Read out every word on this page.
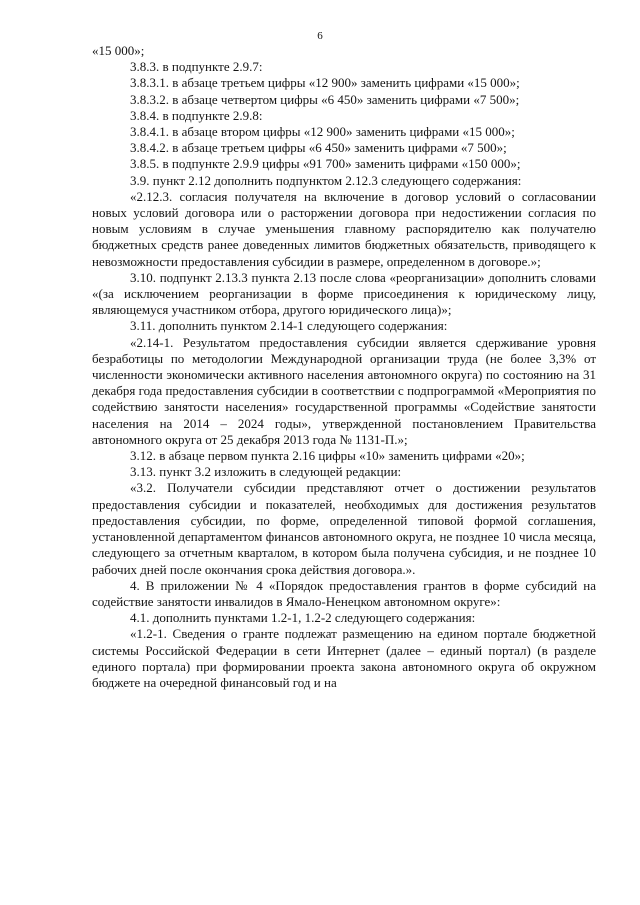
6

«15 000»;

3.8.3. в подпункте 2.9.7:

3.8.3.1. в абзаце третьем цифры «12 900» заменить цифрами «15 000»;

3.8.3.2. в абзаце четвертом цифры «6 450» заменить цифрами «7 500»;

3.8.4. в подпункте 2.9.8:

3.8.4.1. в абзаце втором цифры «12 900» заменить цифрами «15 000»;

3.8.4.2. в абзаце третьем цифры «6 450» заменить цифрами «7 500»;

3.8.5. в подпункте 2.9.9 цифры «91 700» заменить цифрами «150 000»;

3.9. пункт 2.12 дополнить подпунктом 2.12.3 следующего содержания:

«2.12.3. согласия получателя на включение в договор условий о согласовании новых условий договора или о расторжении договора при недостижении согласия по новым условиям в случае уменьшения главному распорядителю как получателю бюджетных средств ранее доведенных лимитов бюджетных обязательств, приводящего к невозможности предоставления субсидии в размере, определенном в договоре.»;

3.10. подпункт 2.13.3 пункта 2.13 после слова «реорганизации» дополнить словами «(за исключением реорганизации в форме присоединения к юридическому лицу, являющемуся участником отбора, другого юридического лица)»;

3.11. дополнить пунктом 2.14-1 следующего содержания:

«2.14-1. Результатом предоставления субсидии является сдерживание уровня безработицы по методологии Международной организации труда (не более 3,3% от численности экономически активного населения автономного округа) по состоянию на 31 декабря года предоставления субсидии в соответствии с подпрограммой «Мероприятия по содействию занятости населения» государственной программы «Содействие занятости населения на 2014 – 2024 годы», утвержденной постановлением Правительства автономного округа от 25 декабря 2013 года № 1131-П.»;

3.12. в абзаце первом пункта 2.16 цифры «10» заменить цифрами «20»;

3.13. пункт 3.2 изложить в следующей редакции:

«3.2. Получатели субсидии представляют отчет о достижении результатов предоставления субсидии и показателей, необходимых для достижения результатов предоставления субсидии, по форме, определенной типовой формой соглашения, установленной департаментом финансов автономного округа, не позднее 10 числа месяца, следующего за отчетным кварталом, в котором была получена субсидия, и не позднее 10 рабочих дней после окончания срока действия договора.».

4. В приложении № 4 «Порядок предоставления грантов в форме субсидий на содействие занятости инвалидов в Ямало-Ненецком автономном округе»:

4.1. дополнить пунктами 1.2-1, 1.2-2 следующего содержания:

«1.2-1. Сведения о гранте подлежат размещению на едином портале бюджетной системы Российской Федерации в сети Интернет (далее – единый портал) (в разделе единого портала) при формировании проекта закона автономного округа об окружном бюджете на очередной финансовый год и на
